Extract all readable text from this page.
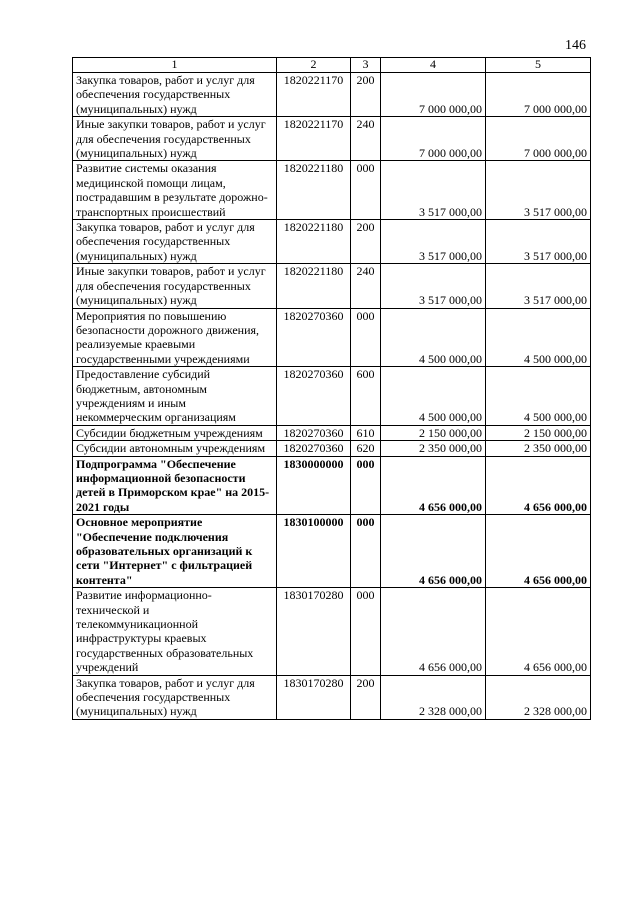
146
1	2	3	4	5
Закупка товаров, работ и услуг для обеспечения государственных (муниципальных) нужд	1820221170	200	7 000 000,00	7 000 000,00
Иные закупки товаров, работ и услуг для обеспечения государственных (муниципальных) нужд	1820221170	240	7 000 000,00	7 000 000,00
Развитие системы оказания медицинской помощи лицам, пострадавшим в результате дорожно-транспортных происшествий	1820221180	000	3 517 000,00	3 517 000,00
Закупка товаров, работ и услуг для обеспечения государственных (муниципальных) нужд	1820221180	200	3 517 000,00	3 517 000,00
Иные закупки товаров, работ и услуг для обеспечения государственных (муниципальных) нужд	1820221180	240	3 517 000,00	3 517 000,00
Мероприятия по повышению безопасности дорожного движения, реализуемые краевыми государственными учреждениями	1820270360	000	4 500 000,00	4 500 000,00
Предоставление субсидий бюджетным, автономным учреждениям и иным некоммерческим организациям	1820270360	600	4 500 000,00	4 500 000,00
Субсидии бюджетным учреждениям	1820270360	610	2 150 000,00	2 150 000,00
Субсидии автономным учреждениям	1820270360	620	2 350 000,00	2 350 000,00
Подпрограмма "Обеспечение информационной безопасности детей в Приморском крае" на 2015-2021 годы	1830000000	000	4 656 000,00	4 656 000,00
Основное мероприятие "Обеспечение подключения образовательных организаций к сети "Интернет" с фильтрацией контента"	1830100000	000	4 656 000,00	4 656 000,00
Развитие информационно-технической и телекоммуникационной инфраструктуры краевых государственных образовательных учреждений	1830170280	000	4 656 000,00	4 656 000,00
Закупка товаров, работ и услуг для обеспечения государственных (муниципальных) нужд	1830170280	200	2 328 000,00	2 328 000,00
